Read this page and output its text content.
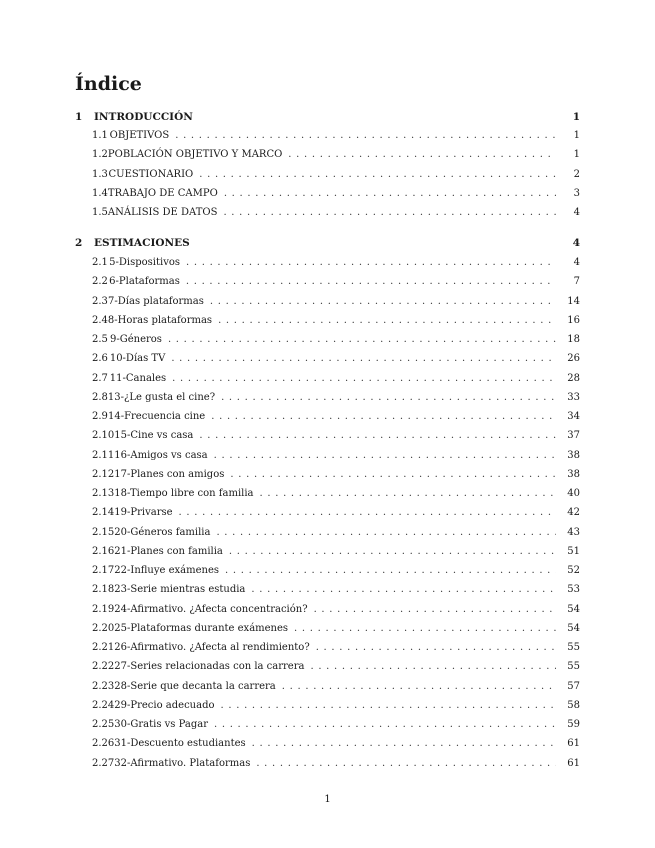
Índice
1	INTRODUCCIÓN	1
1.1 OBJETIVOS . . .	1
1.2 POBLACIÓN OBJETIVO Y MARCO . . .	1
1.3 CUESTIONARIO . . .	2
1.4 TRABAJO DE CAMPO . . .	3
1.5 ANÁLISIS DE DATOS . . .	4
2	ESTIMACIONES	4
2.1 5-Dispositivos . . .	4
2.2 6-Plataformas . . .	7
2.3 7-Días plataformas . . .	14
2.4 8-Horas plataformas . . .	16
2.5 9-Géneros . . .	18
2.6 10-Días TV . . .	26
2.7 11-Canales . . .	28
2.8 13-¿Le gusta el cine? . . .	33
2.9 14-Frecuencia cine . . .	34
2.10 15-Cine vs casa . . .	37
2.11 16-Amigos vs casa . . .	38
2.12 17-Planes con amigos . . .	38
2.13 18-Tiempo libre con familia . . .	40
2.14 19-Privarse . . .	42
2.15 20-Géneros familia . . .	43
2.16 21-Planes con familia . . .	51
2.17 22-Influye exámenes . . .	52
2.18 23-Serie mientras estudia . . .	53
2.19 24-Afirmativo. ¿Afecta concentración? . . .	54
2.20 25-Plataformas durante exámenes . . .	54
2.21 26-Afirmativo. ¿Afecta al rendimiento? . . .	55
2.22 27-Series relacionadas con la carrera . . .	55
2.23 28-Serie que decanta la carrera . . .	57
2.24 29-Precio adecuado . . .	58
2.25 30-Gratis vs Pagar . . .	59
2.26 31-Descuento estudiantes . . .	61
2.27 32-Afirmativo. Plataformas . . .	61
1
